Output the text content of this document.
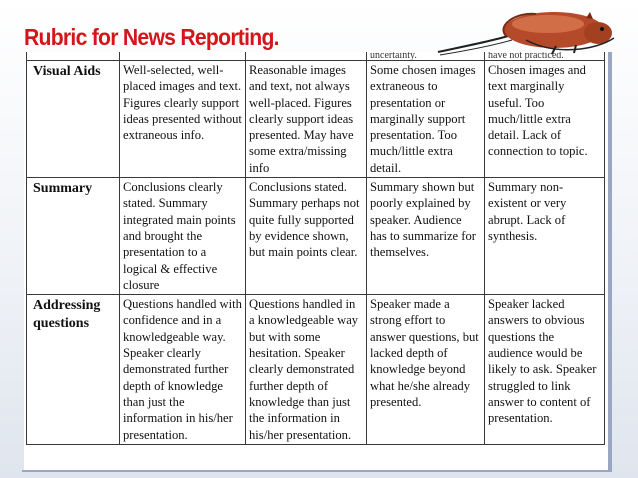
Rubric for News Reporting.
			uncertainty.	have not practiced.
Visual Aids	Well-selected, well-placed images and text. Figures clearly support ideas presented without extraneous info.	Reasonable images and text, not always well-placed. Figures clearly support ideas presented. May have some extra/missing info	Some chosen images extraneous to presentation or marginally support presentation. Too much/little extra detail.	Chosen images and text marginally useful. Too much/little extra detail. Lack of connection to topic.
Summary	Conclusions clearly stated. Summary integrated main points and brought the presentation to a logical & effective closure	Conclusions stated. Summary perhaps not quite fully supported by evidence shown, but main points clear.	Summary shown but poorly explained by speaker. Audience has to summarize for themselves.	Summary non-existent or very abrupt. Lack of synthesis.
Addressing questions	Questions handled with confidence and in a knowledgeable way. Speaker clearly demonstrated further depth of knowledge than just the information in his/her presentation.	Questions handled in a knowledgeable way but with some hesitation. Speaker clearly demonstrated further depth of knowledge than just the information in his/her presentation.	Speaker made a strong effort to answer questions, but lacked depth of knowledge beyond what he/she already presented.	Speaker lacked answers to obvious questions the audience would be likely to ask. Speaker struggled to link answer to content of presentation.
